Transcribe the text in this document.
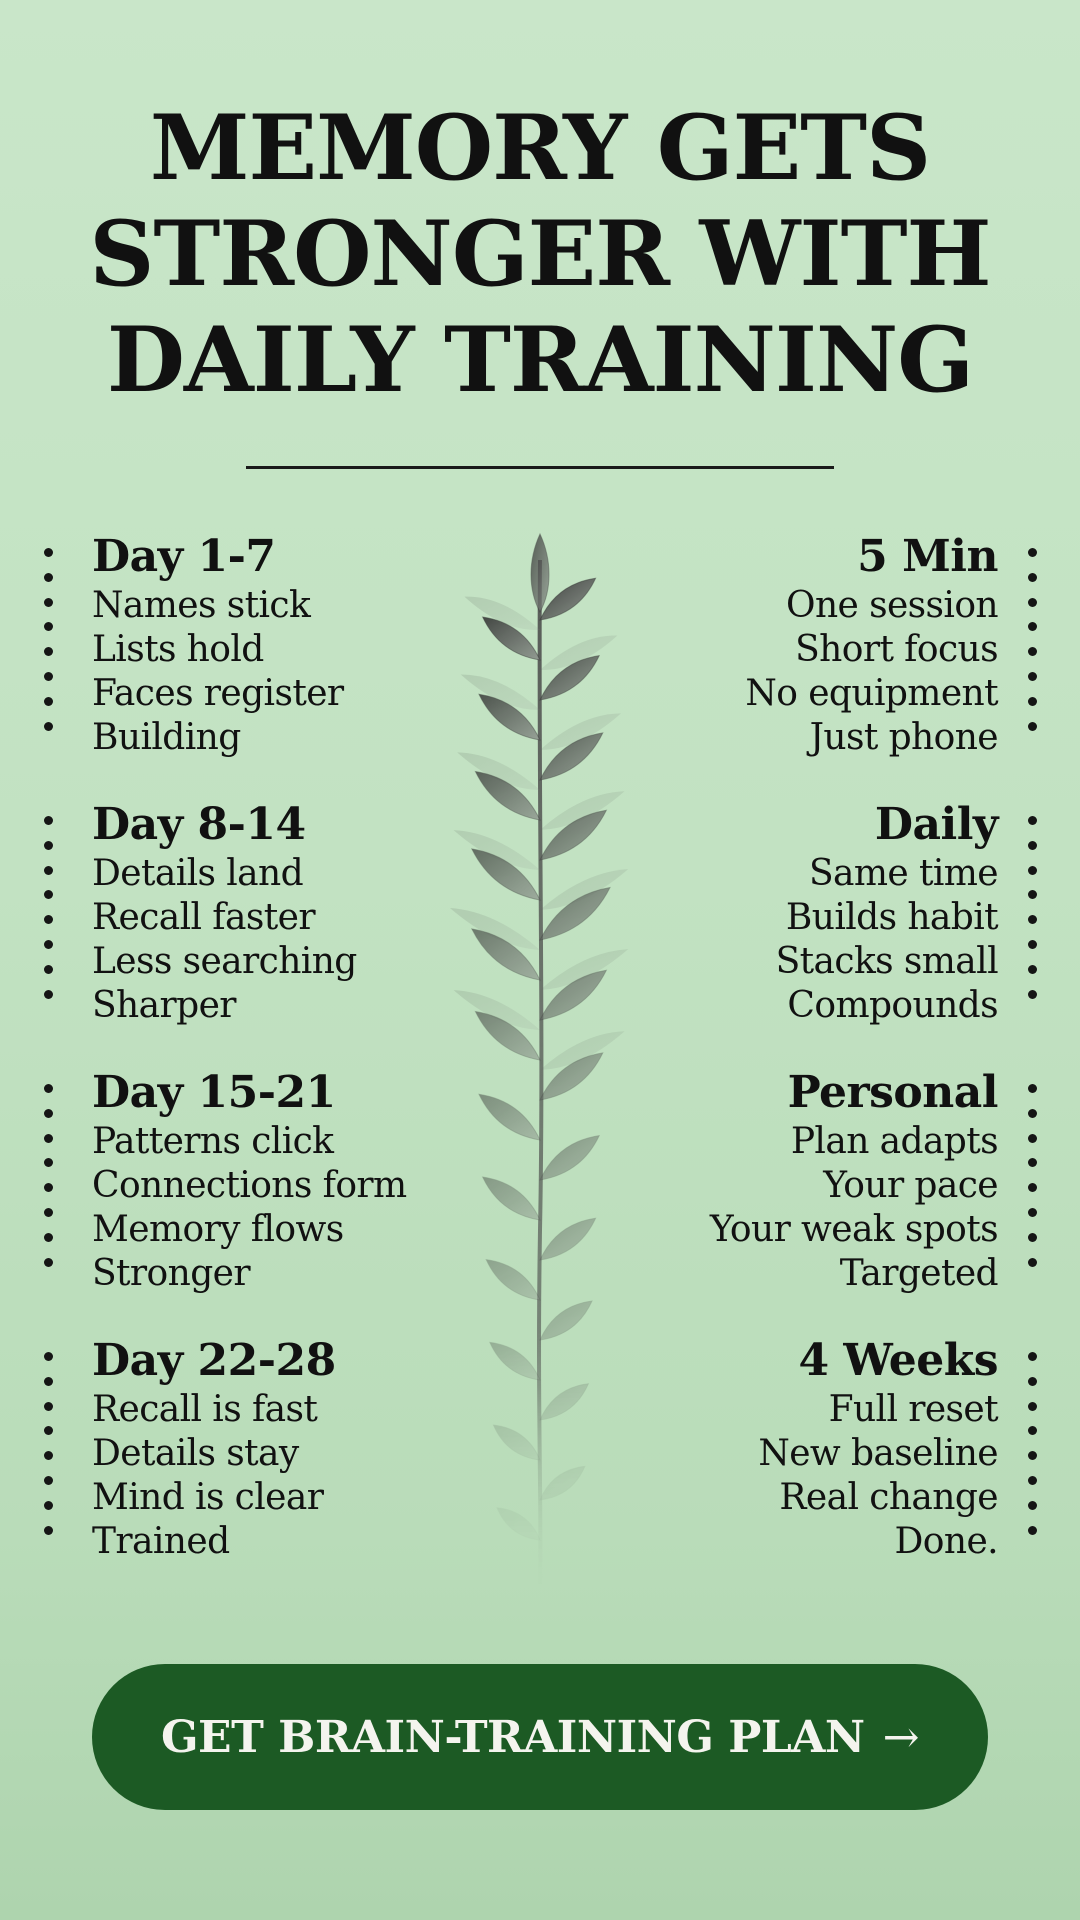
MEMORY GETS
STRONGER WITH
DAILY TRAINING
Day 1-7
Names stick
Lists hold
Faces register
Building
Day 8-14
Details land
Recall faster
Less searching
Sharper
Day 15-21
Patterns click
Connections form
Memory flows
Stronger
Day 22-28
Recall is fast
Details stay
Mind is clear
Trained
5 Min
One session
Short focus
No equipment
Just phone
Daily
Same time
Builds habit
Stacks small
Compounds
Personal
Plan adapts
Your pace
Your weak spots
Targeted
4 Weeks
Full reset
New baseline
Real change
Done.
GET BRAIN-TRAINING PLAN →
